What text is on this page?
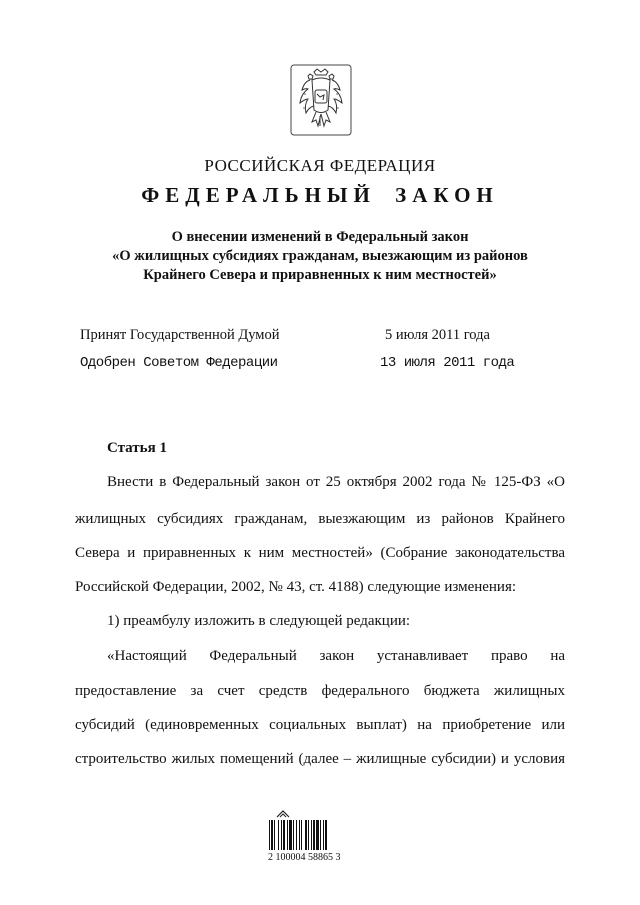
РОССИЙСКАЯ ФЕДЕРАЦИЯ
ФЕДЕРАЛЬНЫЙ ЗАКОН
О внесении изменений в Федеральный закон
«О жилищных субсидиях гражданам, выезжающим из районов
Крайнего Севера и приравненных к ним местностей»
Принят Государственной Думой	5 июля 2011 года
Одобрен Советом Федерации	13 июля 2011 года
Статья 1
Внести в Федеральный закон от 25 октября 2002 года № 125-ФЗ «О
жилищных субсидиях гражданам, выезжающим из районов Крайнего
Севера и приравненных к ним местностей» (Собрание законодательства
Российской Федерации, 2002, № 43, ст. 4188) следующие изменения:
1) преамбулу изложить в следующей редакции:
«Настоящий Федеральный закон устанавливает право на
предоставление за счет средств федерального бюджета жилищных
субсидий (единовременных социальных выплат) на приобретение или
строительство жилых помещений (далее – жилищные субсидии) и условия
2 100004 58865 3
